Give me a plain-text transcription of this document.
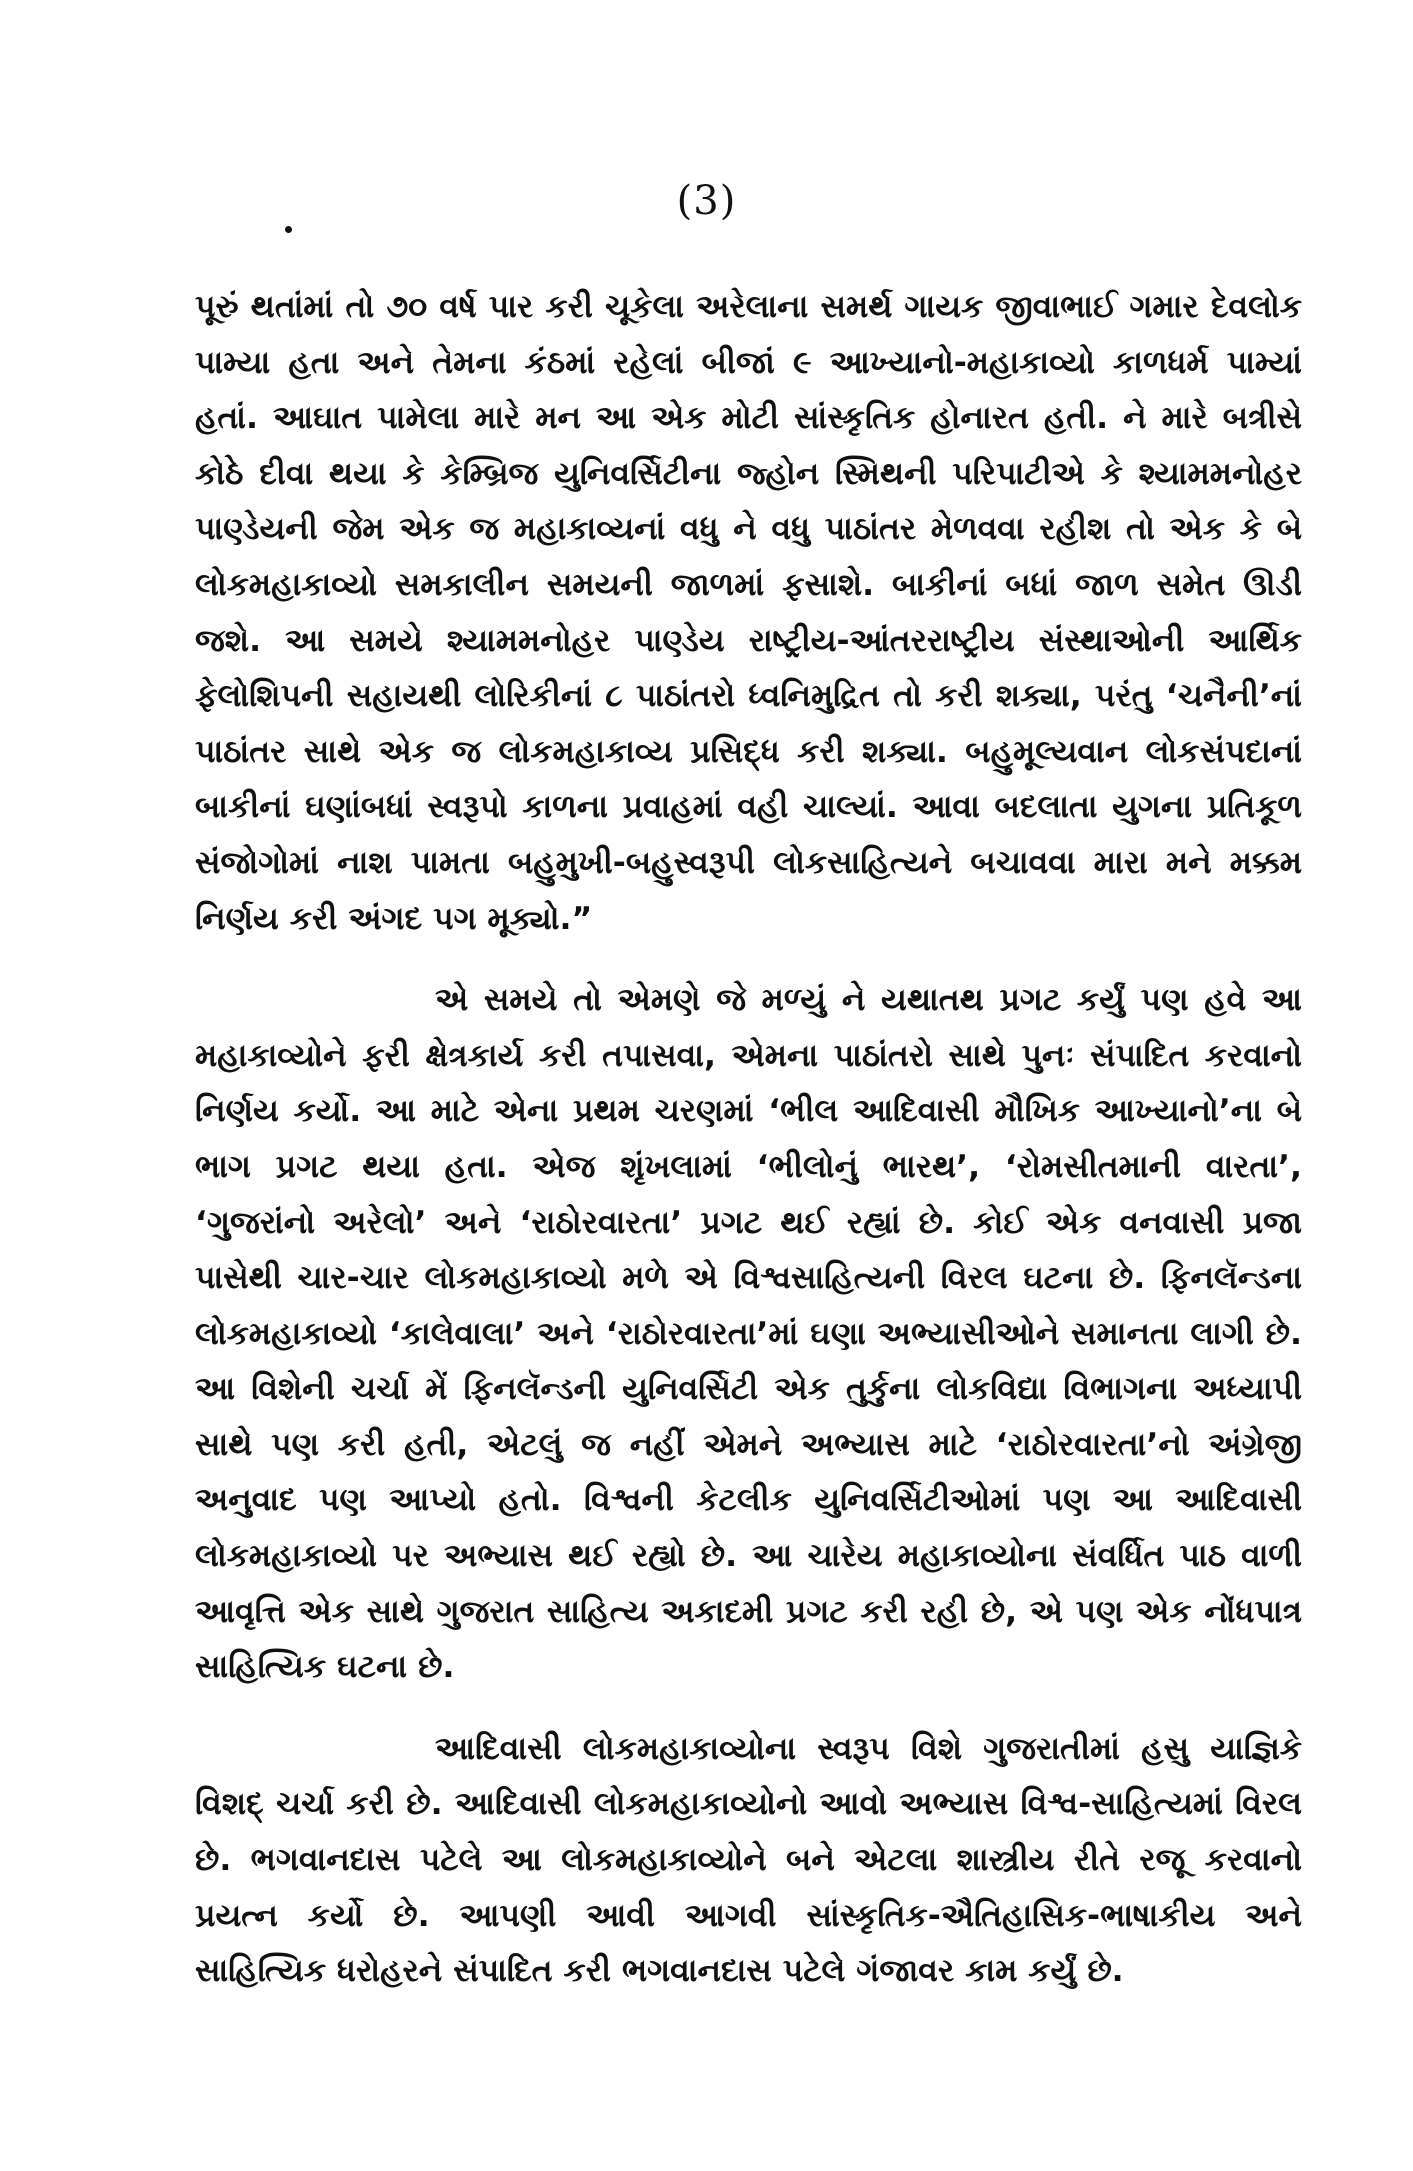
(3)

પૂરું થતાંમાં તો ૭૦ વર્ષ પાર કરી ચૂકેલા અરેલાના સમર્થ ગાયક જીવાભાઈ ગમાર દેવલોક પામ્યા હતા અને તેમના કંઠમાં રહેલાં બીજાં ૯ આખ્યાનો-મહાકાવ્યો કાળધર્મ પામ્યાં હતાં. આઘાત પામેલા મારે મન આ એક મોટી સાંસ્કૃતિક હોનારત હતી. ને મારે બત્રીસે કોઠે દીવા થયા કે કેમ્બ્રિજ યુનિવર્સિટીના જ્હોન સ્મિથની પરિપાટીએ કે શ્યામમનોહર પાણ્ડેયની જેમ એક જ મહાકાવ્યનાં વધુ ને વધુ પાઠાંતર મેળવવા રહીશ તો એક કે બે લોકમહાકાવ્યો સમકાલીન સમયની જાળમાં ફસાશે. બાકીનાં બધાં જાળ સમેત ઊડી જશે. આ સમયે શ્યામમનોહર પાણ્ડેય રાષ્ટ્રીય-આંતરરાષ્ટ્રીય સંસ્થાઓની આર્થિક ફેલોશિપની સહાયથી લોરિકીનાં ૮ પાઠાંતરો ધ્વનિમુદ્રિત તો કરી શક્યા, પરંતુ ‘ચનૈની’નાં પાઠાંતર સાથે એક જ લોકમહાકાવ્ય પ્રસિદ્ધ કરી શક્યા. બહુમૂલ્યવાન લોકસંપદાનાં બાકીનાં ઘણાંબધાં સ્વરૂપો કાળના પ્રવાહમાં વહી ચાલ્યાં. આવા બદલાતા યુગના પ્રતિકૂળ સંજોગોમાં નાશ પામતા બહુમુખી-બહુસ્વરૂપી લોકસાહિત્યને બચાવવા મારા મને મક્કમ નિર્ણય કરી અંગદ પગ મૂક્યો.”

એ સમયે તો એમણે જે મળ્યું ને યથાતથ પ્રગટ કર્યું પણ હવે આ મહાકાવ્યોને ફરી ક્ષેત્રકાર્ય કરી તપાસવા, એમના પાઠાંતરો સાથે પુનઃ સંપાદિત કરવાનો નિર્ણય કર્યો. આ માટે એના પ્રથમ ચરણમાં ‘ભીલ આદિવાસી મૌખિક આખ્યાનો’ના બે ભાગ પ્રગટ થયા હતા. એજ શૃંખલામાં ‘ભીલોનું ભારથ’, ‘રોમસીતમાની વારતા’, ‘ગુજરાંનો અરેલો’ અને ‘રાઠોરવારતા’ પ્રગટ થઈ રહ્યાં છે. કોઈ એક વનવાસી પ્રજા પાસેથી ચાર-ચાર લોકમહાકાવ્યો મળે એ વિશ્વસાહિત્યની વિરલ ઘટના છે. ફિનલૅન્ડના લોકમહાકાવ્યો ‘કાલેવાલા’ અને ‘રાઠોરવારતા’માં ઘણા અભ્યાસીઓને સમાનતા લાગી છે. આ વિશેની ચર્ચા મેં ફિનલૅન્ડની યુનિવર્સિટી એક તુર્કુના લોકવિદ્યા વિભાગના અધ્યાપી સાથે પણ કરી હતી, એટલું જ નહીં એમને અભ્યાસ માટે ‘રાઠોરવારતા’નો અંગ્રેજી અનુવાદ પણ આપ્યો હતો. વિશ્વની કેટલીક યુનિવર્સિટીઓમાં પણ આ આદિવાસી લોકમહાકાવ્યો પર અભ્યાસ થઈ રહ્યો છે. આ ચારેય મહાકાવ્યોના સંવર્ધિત પાઠ વાળી આવૃત્તિ એક સાથે ગુજરાત સાહિત્ય અકાદમી પ્રગટ કરી રહી છે, એ પણ એક નોંધપાત્ર સાહિત્યિક ઘટના છે.

આદિવાસી લોકમહાકાવ્યોના સ્વરૂપ વિશે ગુજરાતીમાં હસુ યાજ્ઞિકે વિશદ્ ચર્ચા કરી છે. આદિવાસી લોકમહાકાવ્યોનો આવો અભ્યાસ વિશ્વ-સાહિત્યમાં વિરલ છે. ભગવાનદાસ પટેલે આ લોકમહાકાવ્યોને બને એટલા શાસ્ત્રીય રીતે રજૂ કરવાનો પ્રયત્ન કર્યો છે. આપણી આવી આગવી સાંસ્કૃતિક-ઐતિહાસિક-ભાષાકીય અને સાહિત્યિક ધરોહરને સંપાદિત કરી ભગવાનદાસ પટેલે ગંજાવર કામ કર્યું છે.
